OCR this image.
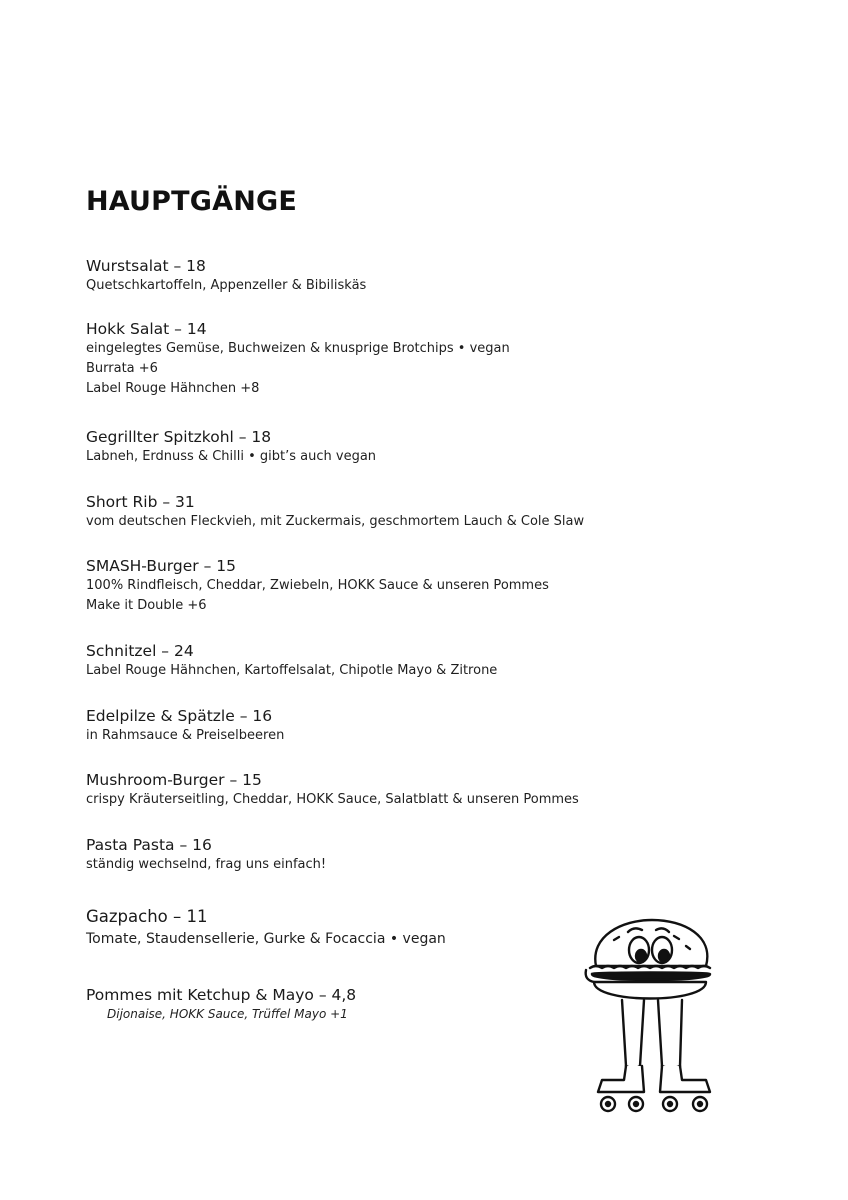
HAUPTGÄNGE
Wurstsalat – 18
Quetschkartoffeln, Appenzeller & Bibiliskäs
Hokk Salat – 14
eingelegtes Gemüse, Buchweizen & knusprige Brotchips • vegan
Burrata +6
Label Rouge Hähnchen +8
Gegrillter Spitzkohl – 18
Labneh, Erdnuss & Chilli • gibt’s auch vegan
Short Rib – 31
vom deutschen Fleckvieh, mit Zuckermais, geschmortem Lauch & Cole Slaw
SMASH-Burger – 15
100% Rindfleisch, Cheddar, Zwiebeln, HOKK Sauce & unseren Pommes
Make it Double +6
Schnitzel – 24
Label Rouge Hähnchen, Kartoffelsalat, Chipotle Mayo & Zitrone
Edelpilze & Spätzle – 16
in Rahmsauce & Preiselbeeren
Mushroom-Burger – 15
crispy Kräuterseitling, Cheddar, HOKK Sauce, Salatblatt & unseren Pommes
Pasta Pasta – 16
ständig wechselnd, frag uns einfach!
Gazpacho – 11
Tomate, Staudensellerie, Gurke & Focaccia • vegan
Pommes mit Ketchup & Mayo – 4,8
Dijonaise, HOKK Sauce, Trüffel Mayo +1
